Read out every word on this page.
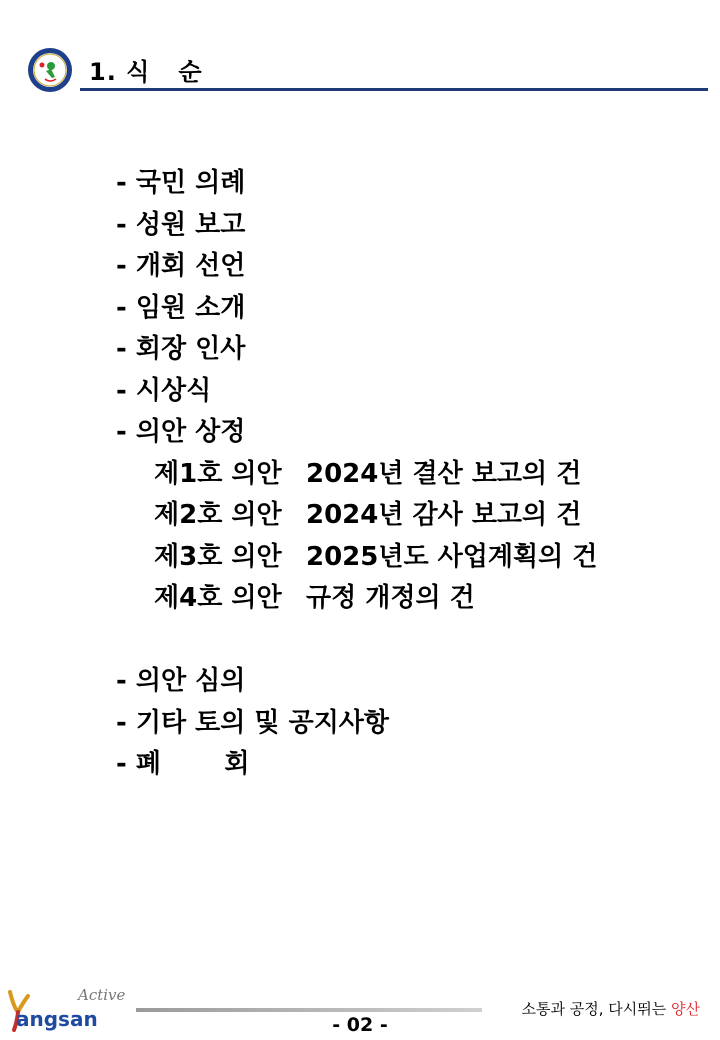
1. 식   순
- 국민 의례
- 성원 보고
- 개회 선언
- 임원 소개
- 회장 인사
- 시상식
- 의안 상정
제1호 의안 2024년 결산 보고의 건
제2호 의안 2024년 감사 보고의 건
제3호 의안 2025년도 사업계획의 건
제4호 의안 규정 개정의 건
- 의안 심의
- 기타 토의 및 공지사항
- 폐       회
Active
angsan	소통과 공정, 다시뛰는 양산
- 02 -
